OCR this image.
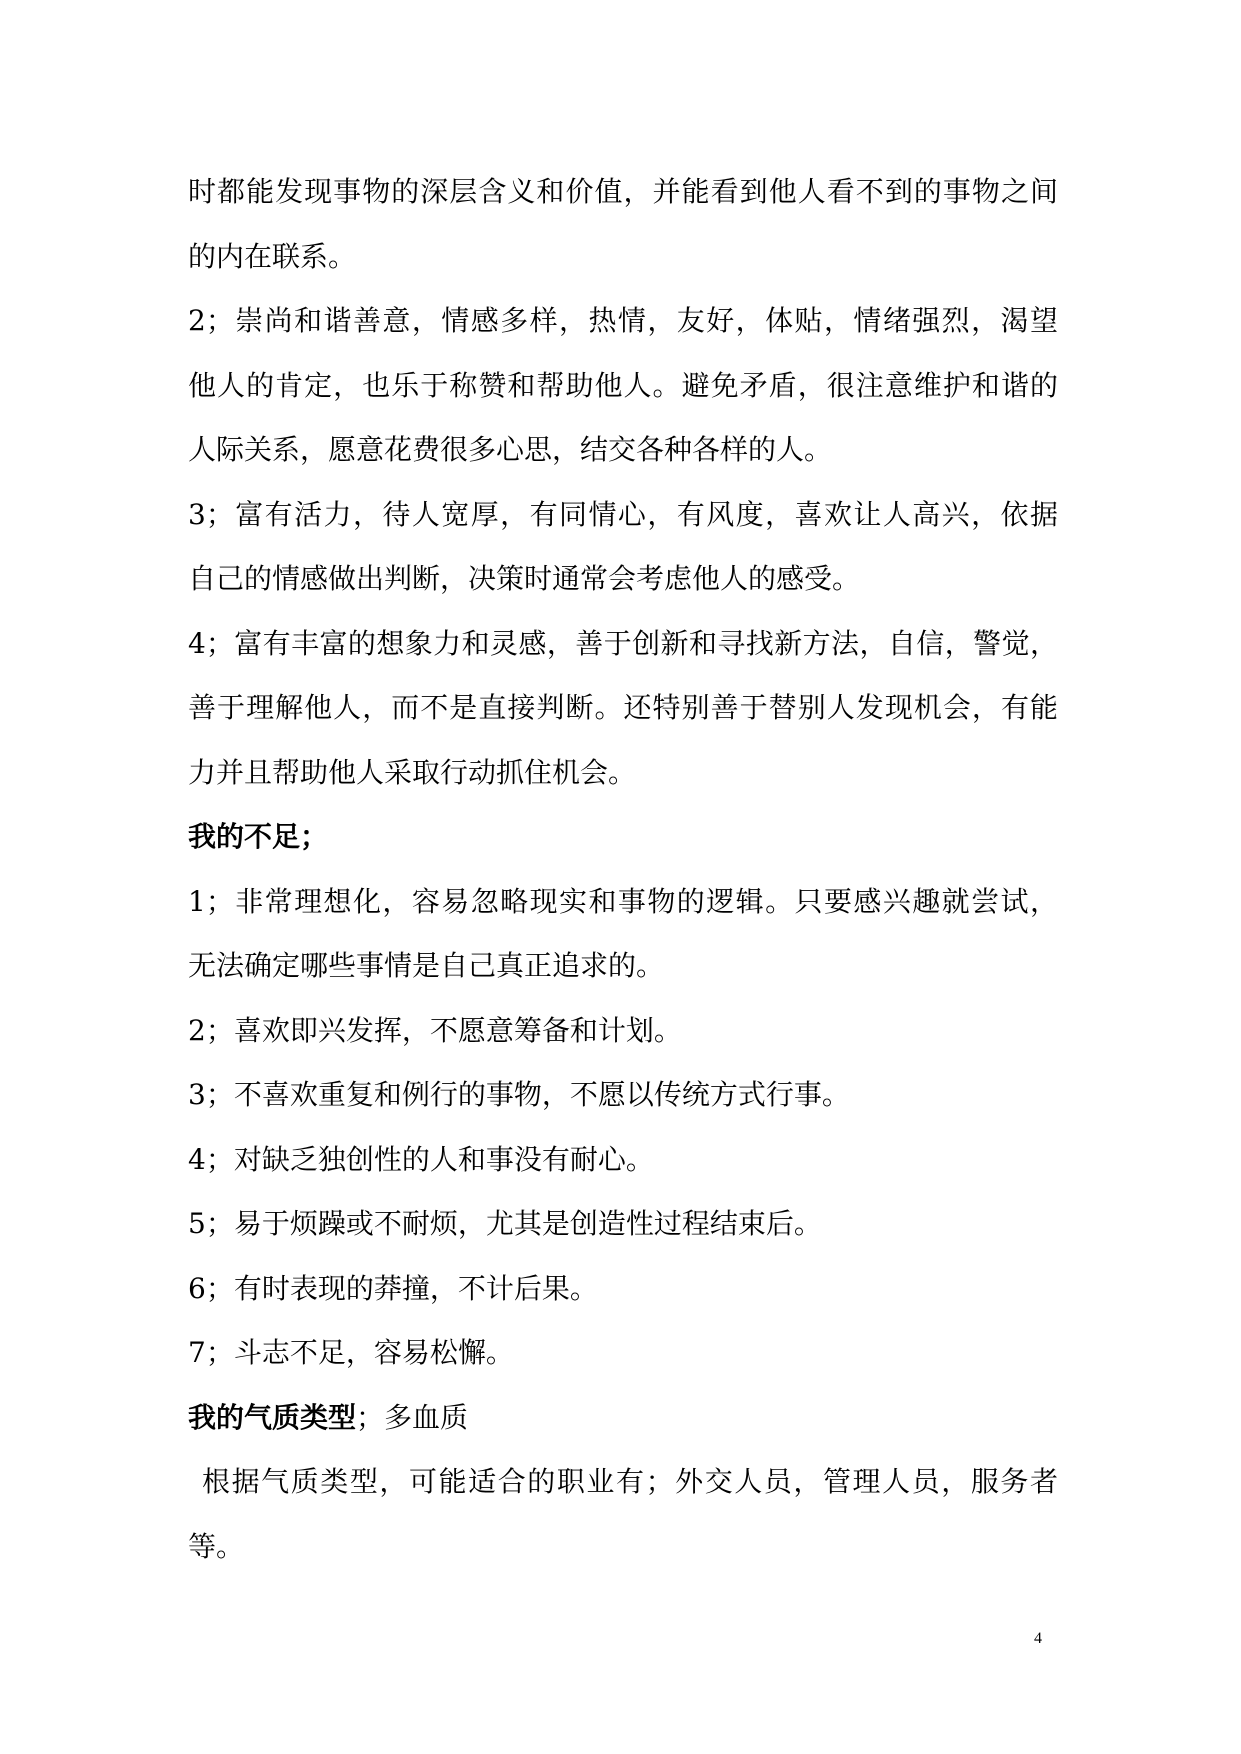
时都能发现事物的深层含义和价值，并能看到他人看不到的事物之间
的内在联系。
2；崇尚和谐善意，情感多样，热情，友好，体贴，情绪强烈，渴望
他人的肯定，也乐于称赞和帮助他人。避免矛盾，很注意维护和谐的
人际关系，愿意花费很多心思，结交各种各样的人。
3；富有活力，待人宽厚，有同情心，有风度，喜欢让人高兴，依据
自己的情感做出判断，决策时通常会考虑他人的感受。
4；富有丰富的想象力和灵感，善于创新和寻找新方法，自信，警觉，
善于理解他人，而不是直接判断。还特别善于替别人发现机会，有能
力并且帮助他人采取行动抓住机会。
我的不足；
1；非常理想化，容易忽略现实和事物的逻辑。只要感兴趣就尝试，
无法确定哪些事情是自己真正追求的。
2；喜欢即兴发挥，不愿意筹备和计划。
3；不喜欢重复和例行的事物，不愿以传统方式行事。
4；对缺乏独创性的人和事没有耐心。
5；易于烦躁或不耐烦，尤其是创造性过程结束后。
6；有时表现的莽撞，不计后果。
7；斗志不足，容易松懈。
我的气质类型；多血质
根据气质类型，可能适合的职业有；外交人员，管理人员，服务者
等。
4
